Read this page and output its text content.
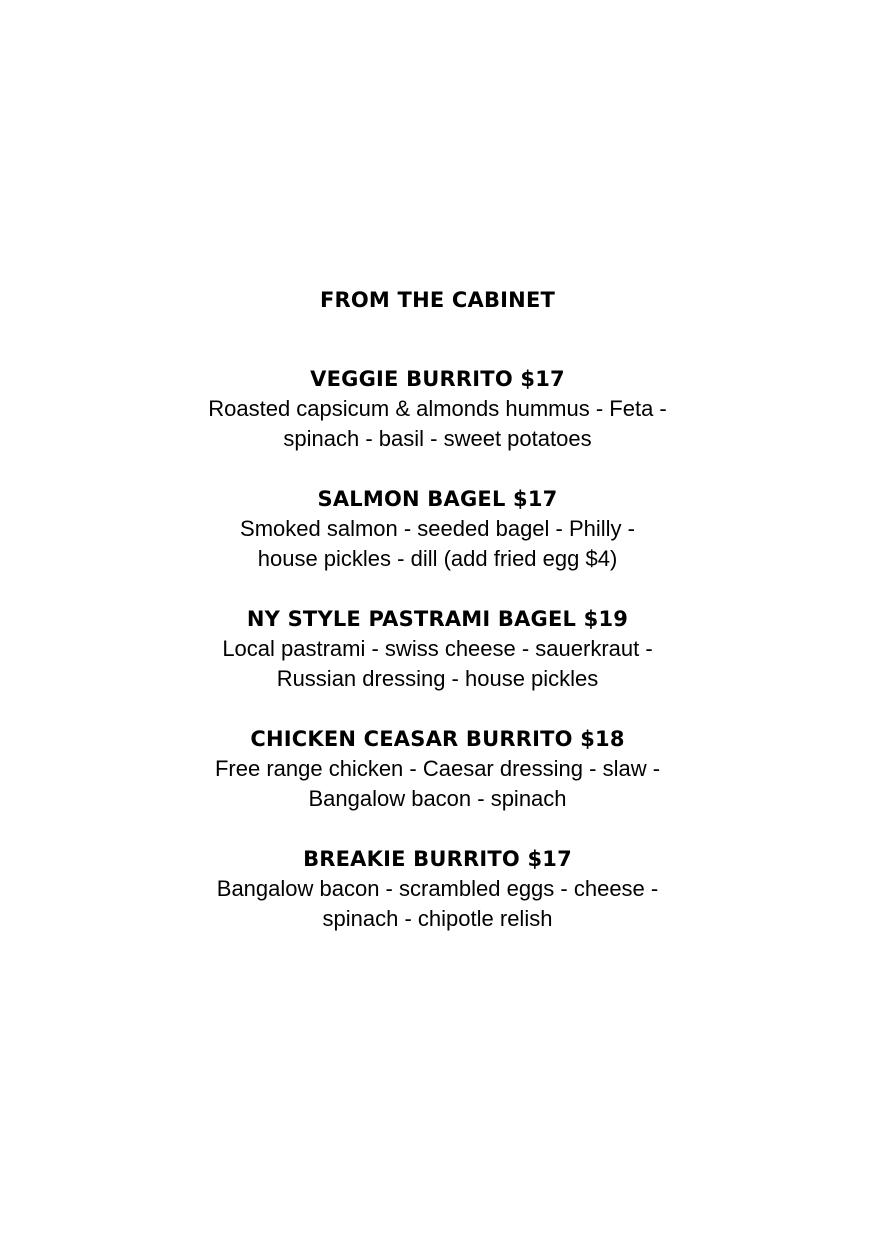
FROM THE CABINET
VEGGIE BURRITO $17
Roasted capsicum & almonds hummus - Feta -
spinach - basil - sweet potatoes
SALMON BAGEL $17
Smoked salmon - seeded bagel - Philly -
house pickles - dill (add fried egg $4)
NY STYLE PASTRAMI BAGEL $19
Local pastrami - swiss cheese - sauerkraut -
Russian dressing - house pickles
CHICKEN CEASAR BURRITO $18
Free range chicken - Caesar dressing - slaw -
Bangalow bacon - spinach
BREAKIE BURRITO $17
Bangalow bacon - scrambled eggs - cheese -
spinach - chipotle relish
